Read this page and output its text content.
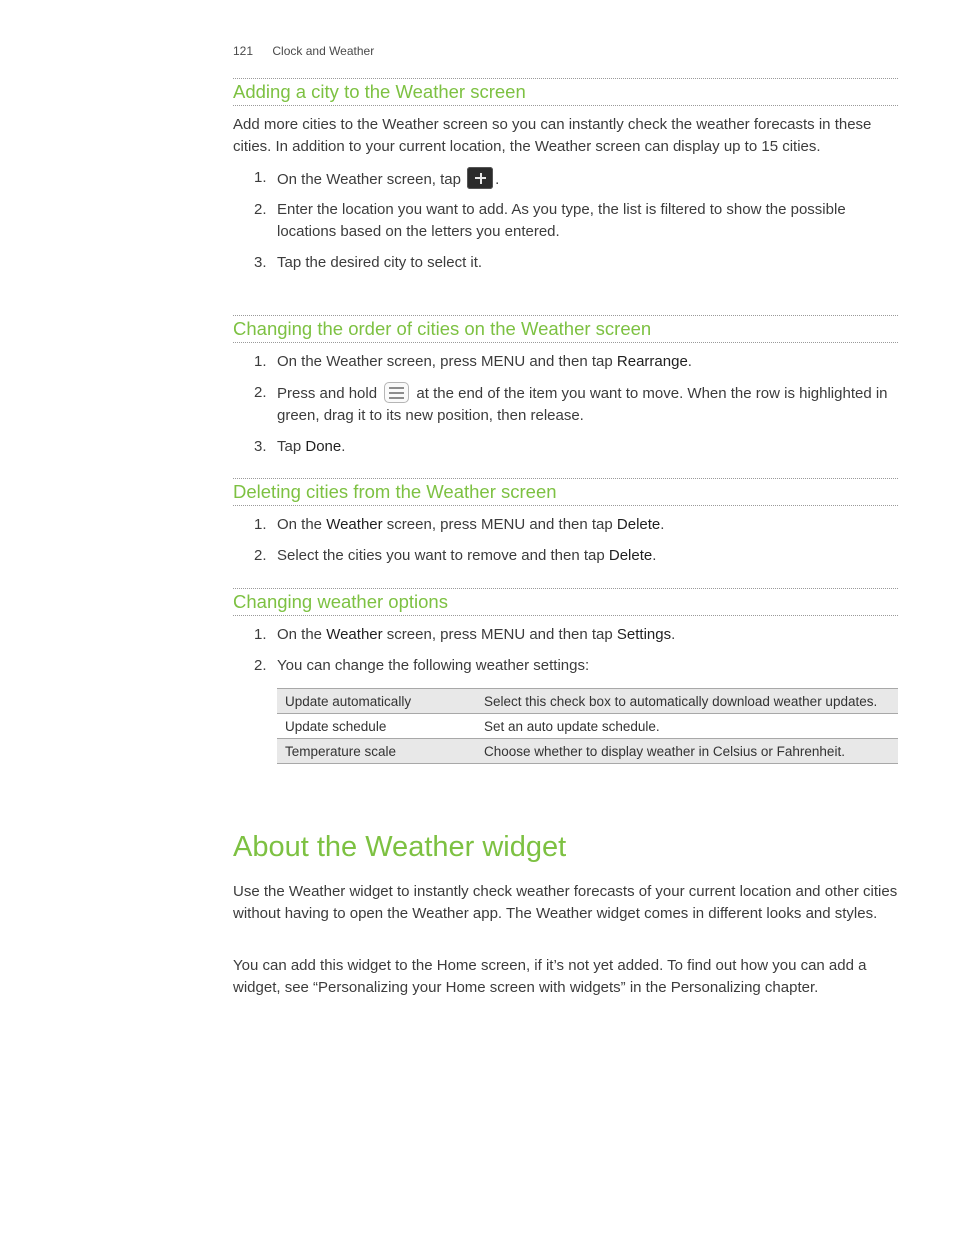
121 Clock and Weather
Adding a city to the Weather screen

Add more cities to the Weather screen so you can instantly check the weather forecasts in these cities. In addition to your current location, the Weather screen can display up to 15 cities.

1. On the Weather screen, tap .
2. Enter the location you want to add. As you type, the list is filtered to show the possible locations based on the letters you entered.
3. Tap the desired city to select it.
Changing the order of cities on the Weather screen
1. On the Weather screen, press MENU and then tap Rearrange.
2. Press and hold	at the end of the item you want to move. When the row is highlighted in green, drag it to its new position, then release.
3. Tap Done.
Deleting cities from the Weather screen
1. On the Weather screen, press MENU and then tap Delete.
2. Select the cities you want to remove and then tap Delete.
Changing weather options
1. On the Weather screen, press MENU and then tap Settings.
2. You can change the following weather settings:
Update automatically	Select this check box to automatically download weather updates.
Update schedule	Set an auto update schedule.
Temperature scale	Choose whether to display weather in Celsius or Fahrenheit.
About the Weather widget

Use the Weather widget to instantly check weather forecasts of your current location and other cities without having to open the Weather app. The Weather widget comes in different looks and styles.

You can add this widget to the Home screen, if it’s not yet added. To find out how you can add a widget, see “Personalizing your Home screen with widgets” in the Personalizing chapter.
